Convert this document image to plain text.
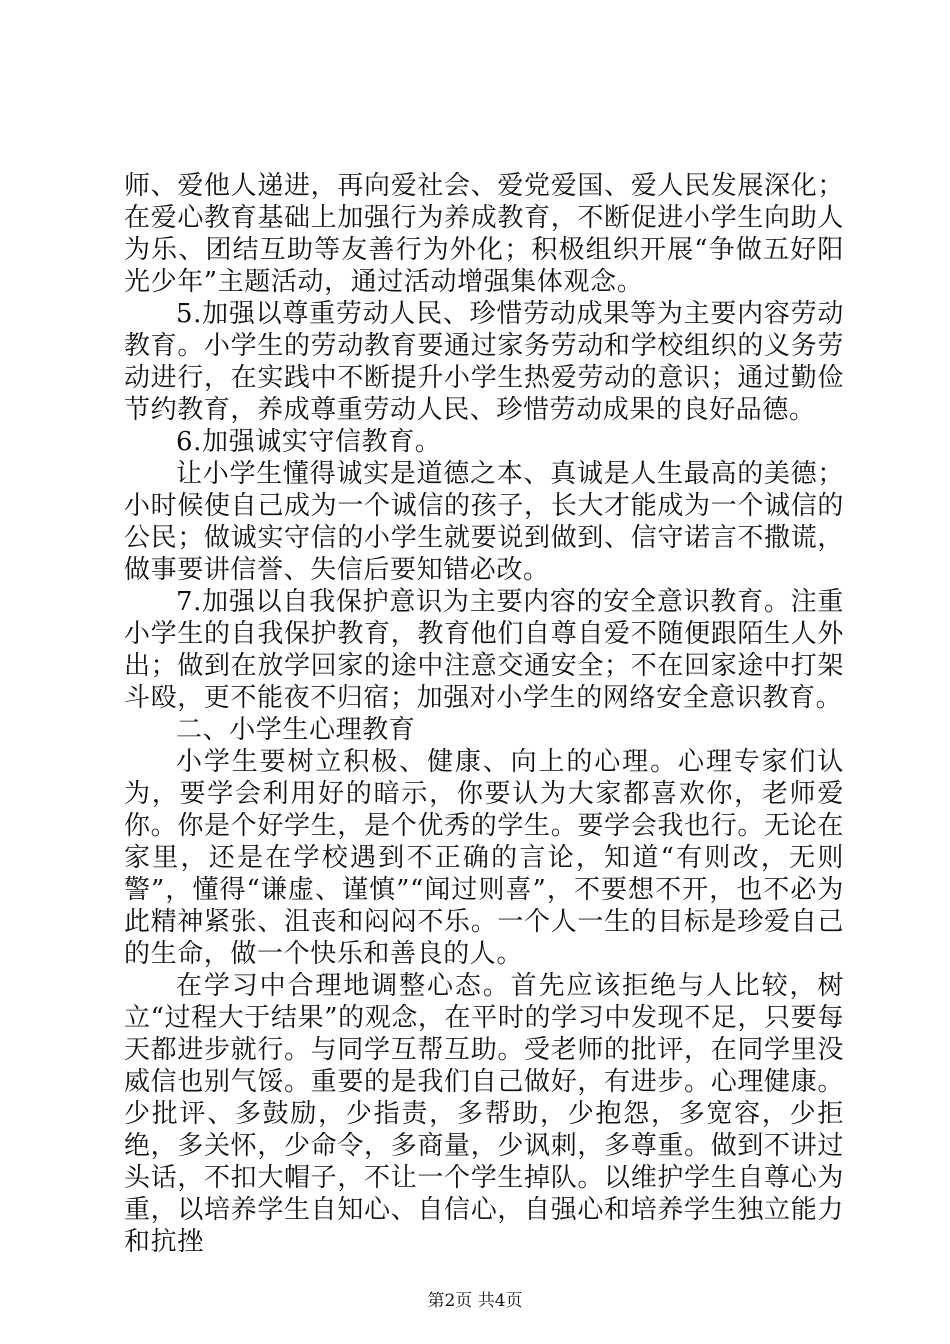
师、爱他人递进，再向爱社会、爱党爱国、爱人民发展深化；在爱心教育基础上加强行为养成教育，不断促进小学生向助人为乐、团结互助等友善行为外化；积极组织开展“争做五好阳光少年”主题活动，通过活动增强集体观念。

5.加强以尊重劳动人民、珍惜劳动成果等为主要内容劳动教育。小学生的劳动教育要通过家务劳动和学校组织的义务劳动进行，在实践中不断提升小学生热爱劳动的意识；通过勤俭节约教育，养成尊重劳动人民、珍惜劳动成果的良好品德。

6.加强诚实守信教育。

让小学生懂得诚实是道德之本、真诚是人生最高的美德；小时候使自己成为一个诚信的孩子，长大才能成为一个诚信的公民；做诚实守信的小学生就要说到做到、信守诺言不撒谎，做事要讲信誉、失信后要知错必改。

7.加强以自我保护意识为主要内容的安全意识教育。注重小学生的自我保护教育，教育他们自尊自爱不随便跟陌生人外出；做到在放学回家的途中注意交通安全；不在回家途中打架斗殴，更不能夜不归宿；加强对小学生的网络安全意识教育。

二、小学生心理教育

小学生要树立积极、健康、向上的心理。心理专家们认为，要学会利用好的暗示，你要认为大家都喜欢你，老师爱你。你是个好学生，是个优秀的学生。要学会我也行。无论在家里，还是在学校遇到不正确的言论，知道“有则改，无则警”，懂得“谦虚、谨慎”“闻过则喜”，不要想不开，也不必为此精神紧张、沮丧和闷闷不乐。一个人一生的目标是珍爱自己的生命，做一个快乐和善良的人。

在学习中合理地调整心态。首先应该拒绝与人比较，树立“过程大于结果”的观念，在平时的学习中发现不足，只要每天都进步就行。与同学互帮互助。受老师的批评，在同学里没威信也别气馁。重要的是我们自己做好，有进步。心理健康。少批评、多鼓励，少指责，多帮助，少抱怨，多宽容，少拒绝，多关怀，少命令，多商量，少讽刺，多尊重。做到不讲过头话，不扣大帽子，不让一个学生掉队。以维护学生自尊心为重，以培养学生自知心、自信心，自强心和培养学生独立能力和抗挫

第2页 共4页
